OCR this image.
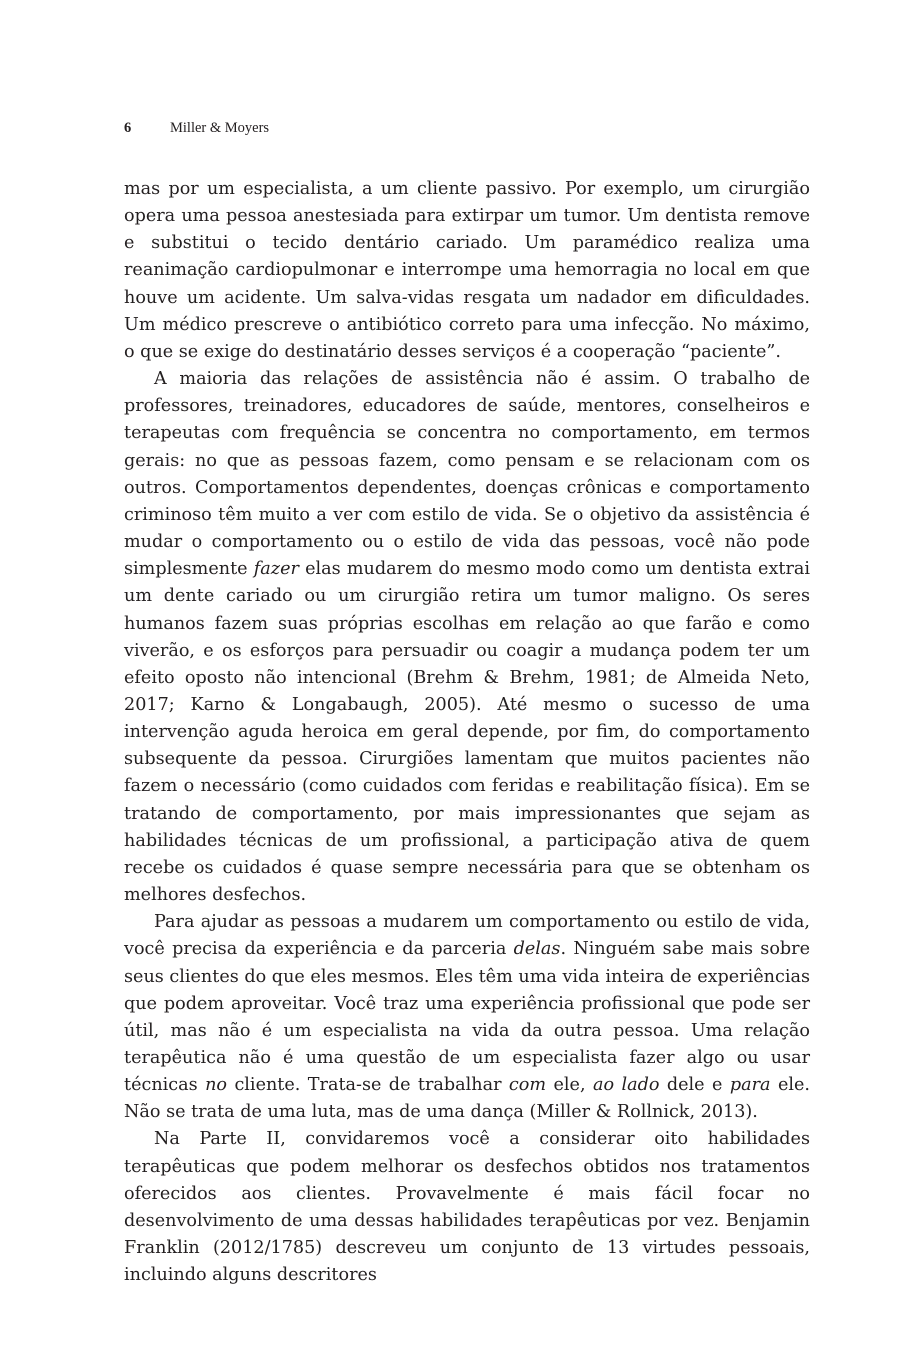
6	Miller & Moyers

mas por um especialista, a um cliente passivo. Por exemplo, um cirurgião opera uma pessoa anestesiada para extirpar um tumor. Um dentista remove e substitui o tecido dentário cariado. Um paramédico realiza uma reanimação cardiopulmonar e interrompe uma hemorragia no local em que houve um acidente. Um salva-vidas resgata um nadador em dificuldades. Um médico prescreve o antibiótico correto para uma infecção. No máximo, o que se exige do destinatário desses serviços é a cooperação “paciente”.

A maioria das relações de assistência não é assim. O trabalho de professores, treinadores, educadores de saúde, mentores, conselheiros e terapeutas com frequência se concentra no comportamento, em termos gerais: no que as pessoas fazem, como pensam e se relacionam com os outros. Comportamentos dependentes, doenças crônicas e comportamento criminoso têm muito a ver com estilo de vida. Se o objetivo da assistência é mudar o comportamento ou o estilo de vida das pessoas, você não pode simplesmente fazer elas mudarem do mesmo modo como um dentista extrai um dente cariado ou um cirurgião retira um tumor maligno. Os seres humanos fazem suas próprias escolhas em relação ao que farão e como viverão, e os esforços para persuadir ou coagir a mudança podem ter um efeito oposto não intencional (Brehm & Brehm, 1981; de Almeida Neto, 2017; Karno & Longabaugh, 2005). Até mesmo o sucesso de uma intervenção aguda heroica em geral depende, por fim, do comportamento subsequente da pessoa. Cirurgiões lamentam que muitos pacientes não fazem o necessário (como cuidados com feridas e reabilitação física). Em se tratando de comportamento, por mais impressionantes que sejam as habilidades técnicas de um profissional, a participação ativa de quem recebe os cuidados é quase sempre necessária para que se obtenham os melhores desfechos.

Para ajudar as pessoas a mudarem um comportamento ou estilo de vida, você precisa da experiência e da parceria delas. Ninguém sabe mais sobre seus clientes do que eles mesmos. Eles têm uma vida inteira de experiências que podem aproveitar. Você traz uma experiência profissional que pode ser útil, mas não é um especialista na vida da outra pessoa. Uma relação terapêutica não é uma questão de um especialista fazer algo ou usar técnicas no cliente. Trata-se de trabalhar com ele, ao lado dele e para ele. Não se trata de uma luta, mas de uma dança (Miller & Rollnick, 2013).

Na Parte II, convidaremos você a considerar oito habilidades terapêuticas que podem melhorar os desfechos obtidos nos tratamentos oferecidos aos clientes. Provavelmente é mais fácil focar no desenvolvimento de uma dessas habilidades terapêuticas por vez. Benjamin Franklin (2012/1785) descreveu um conjunto de 13 virtudes pessoais, incluindo alguns descritores
